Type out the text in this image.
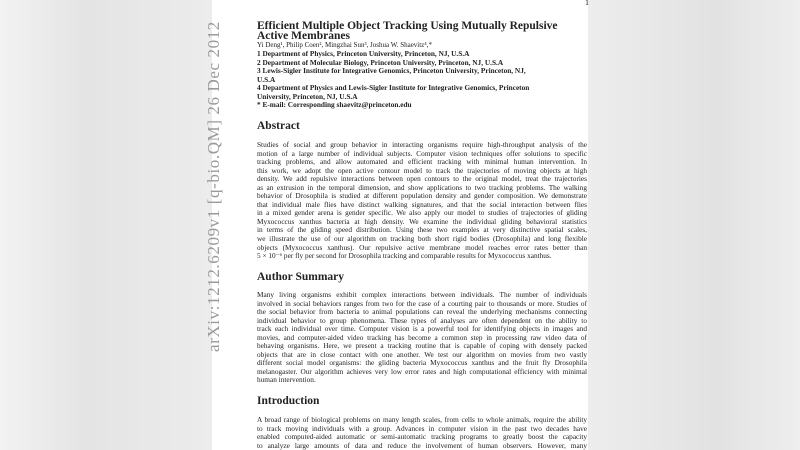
1
Efficient Multiple Object Tracking Using Mutually Repulsive
Active Membranes
Yi Deng¹, Philip Coen², Mingzhai Sun³, Joshua W. Shaevitz⁴,*
1 Department of Physics, Princeton University, Princeton, NJ, U.S.A
2 Department of Molecular Biology, Princeton University, Princeton, NJ, U.S.A
3 Lewis-Sigler Institute for Integrative Genomics, Princeton University, Princeton, NJ,
U.S.A
4 Department of Physics and Lewis-Sigler Institute for Integrative Genomics, Princeton
University, Princeton, NJ, U.S.A
* E-mail: Corresponding shaevitz@princeton.edu
Abstract
Studies of social and group behavior in interacting organisms require high-throughput analysis of the
motion of a large number of individual subjects. Computer vision techniques offer solutions to specific
tracking problems, and allow automated and efficient tracking with minimal human intervention. In
this work, we adopt the open active contour model to track the trajectories of moving objects at high
density. We add repulsive interactions between open contours to the original model, treat the trajectories
as an extrusion in the temporal dimension, and show applications to two tracking problems. The walking
behavior of Drosophila is studied at different population density and gender composition. We demonstrate
that individual male flies have distinct walking signatures, and that the social interaction between flies
in a mixed gender arena is gender specific. We also apply our model to studies of trajectories of gliding
Myxococcus xanthus bacteria at high density. We examine the individual gliding behavioral statistics
in terms of the gliding speed distribution. Using these two examples at very distinctive spatial scales,
we illustrate the use of our algorithm on tracking both short rigid bodies (Drosophila) and long flexible
objects (Myxococcus xanthus). Our repulsive active membrane model reaches error rates better than
5 × 10⁻⁶ per fly per second for Drosophila tracking and comparable results for Myxococcus xanthus.
Author Summary
Many living organisms exhibit complex interactions between individuals. The number of individuals
involved in social behaviors ranges from two for the case of a courting pair to thousands or more. Studies of
the social behavior from bacteria to animal populations can reveal the underlying mechanisms connecting
individual behavior to group phenomena. These types of analyses are often dependent on the ability to
track each individual over time. Computer vision is a powerful tool for identifying objects in images and
movies, and computer-aided video tracking has become a common step in processing raw video data of
behaving organisms. Here, we present a tracking routine that is capable of coping with densely packed
objects that are in close contact with one another. We test our algorithm on movies from two vastly
different social model organisms: the gliding bacteria Myxococcus xanthus and the fruit fly Drosophila
melanogaster. Our algorithm achieves very low error rates and high computational efficiency with minimal
human intervention.
Introduction
A broad range of biological problems on many length scales, from cells to whole animals, require the ability
to track moving individuals with a group. Advances in computer vision in the past two decades have
enabled computed-aided automatic or semi-automatic tracking programs to greatly boost the capacity
to analyze large amounts of data and reduce the involvement of human observers. However, many
arXiv:1212.6209v1 [q-bio.QM] 26 Dec 2012
